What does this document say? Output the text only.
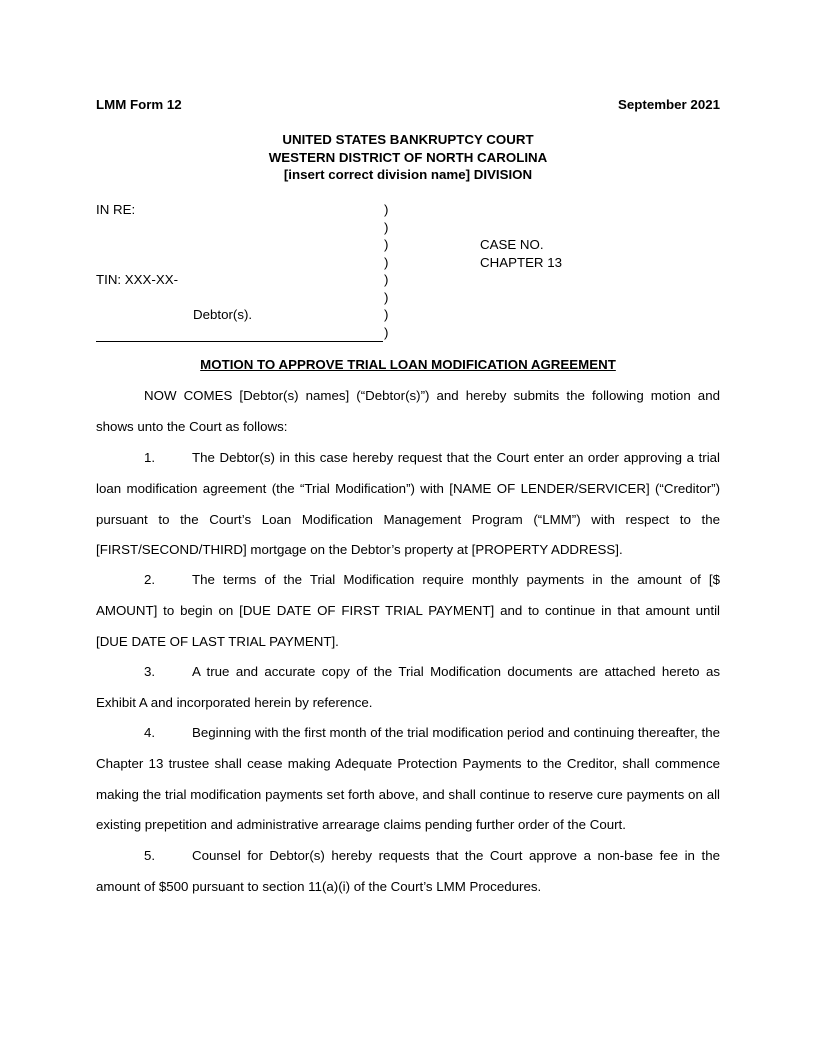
LMM Form 12	September 2021
UNITED STATES BANKRUPTCY COURT
WESTERN DISTRICT OF NORTH CAROLINA
[insert correct division name] DIVISION
IN RE:
TIN: XXX-XX-
Debtor(s).
)
)
)
)
)
)
)
)
CASE NO.
CHAPTER 13
MOTION TO APPROVE TRIAL LOAN MODIFICATION AGREEMENT
NOW COMES [Debtor(s) names] (“Debtor(s)”) and hereby submits the following motion and shows unto the Court as follows:
1.	The Debtor(s) in this case hereby request that the Court enter an order approving a trial loan modification agreement (the “Trial Modification”) with [NAME OF LENDER/SERVICER] (“Creditor”) pursuant to the Court’s Loan Modification Management Program (“LMM”) with respect to the [FIRST/SECOND/THIRD] mortgage on the Debtor’s property at [PROPERTY ADDRESS].
2.	The terms of the Trial Modification require monthly payments in the amount of [$ AMOUNT] to begin on [DUE DATE OF FIRST TRIAL PAYMENT] and to continue in that amount until [DUE DATE OF LAST TRIAL PAYMENT].
3.	A true and accurate copy of the Trial Modification documents are attached hereto as Exhibit A and incorporated herein by reference.
4.	Beginning with the first month of the trial modification period and continuing thereafter, the Chapter 13 trustee shall cease making Adequate Protection Payments to the Creditor, shall commence making the trial modification payments set forth above, and shall continue to reserve cure payments on all existing prepetition and administrative arrearage claims pending further order of the Court.
5.	Counsel for Debtor(s) hereby requests that the Court approve a non-base fee in the amount of $500 pursuant to section 11(a)(i) of the Court’s LMM Procedures.
